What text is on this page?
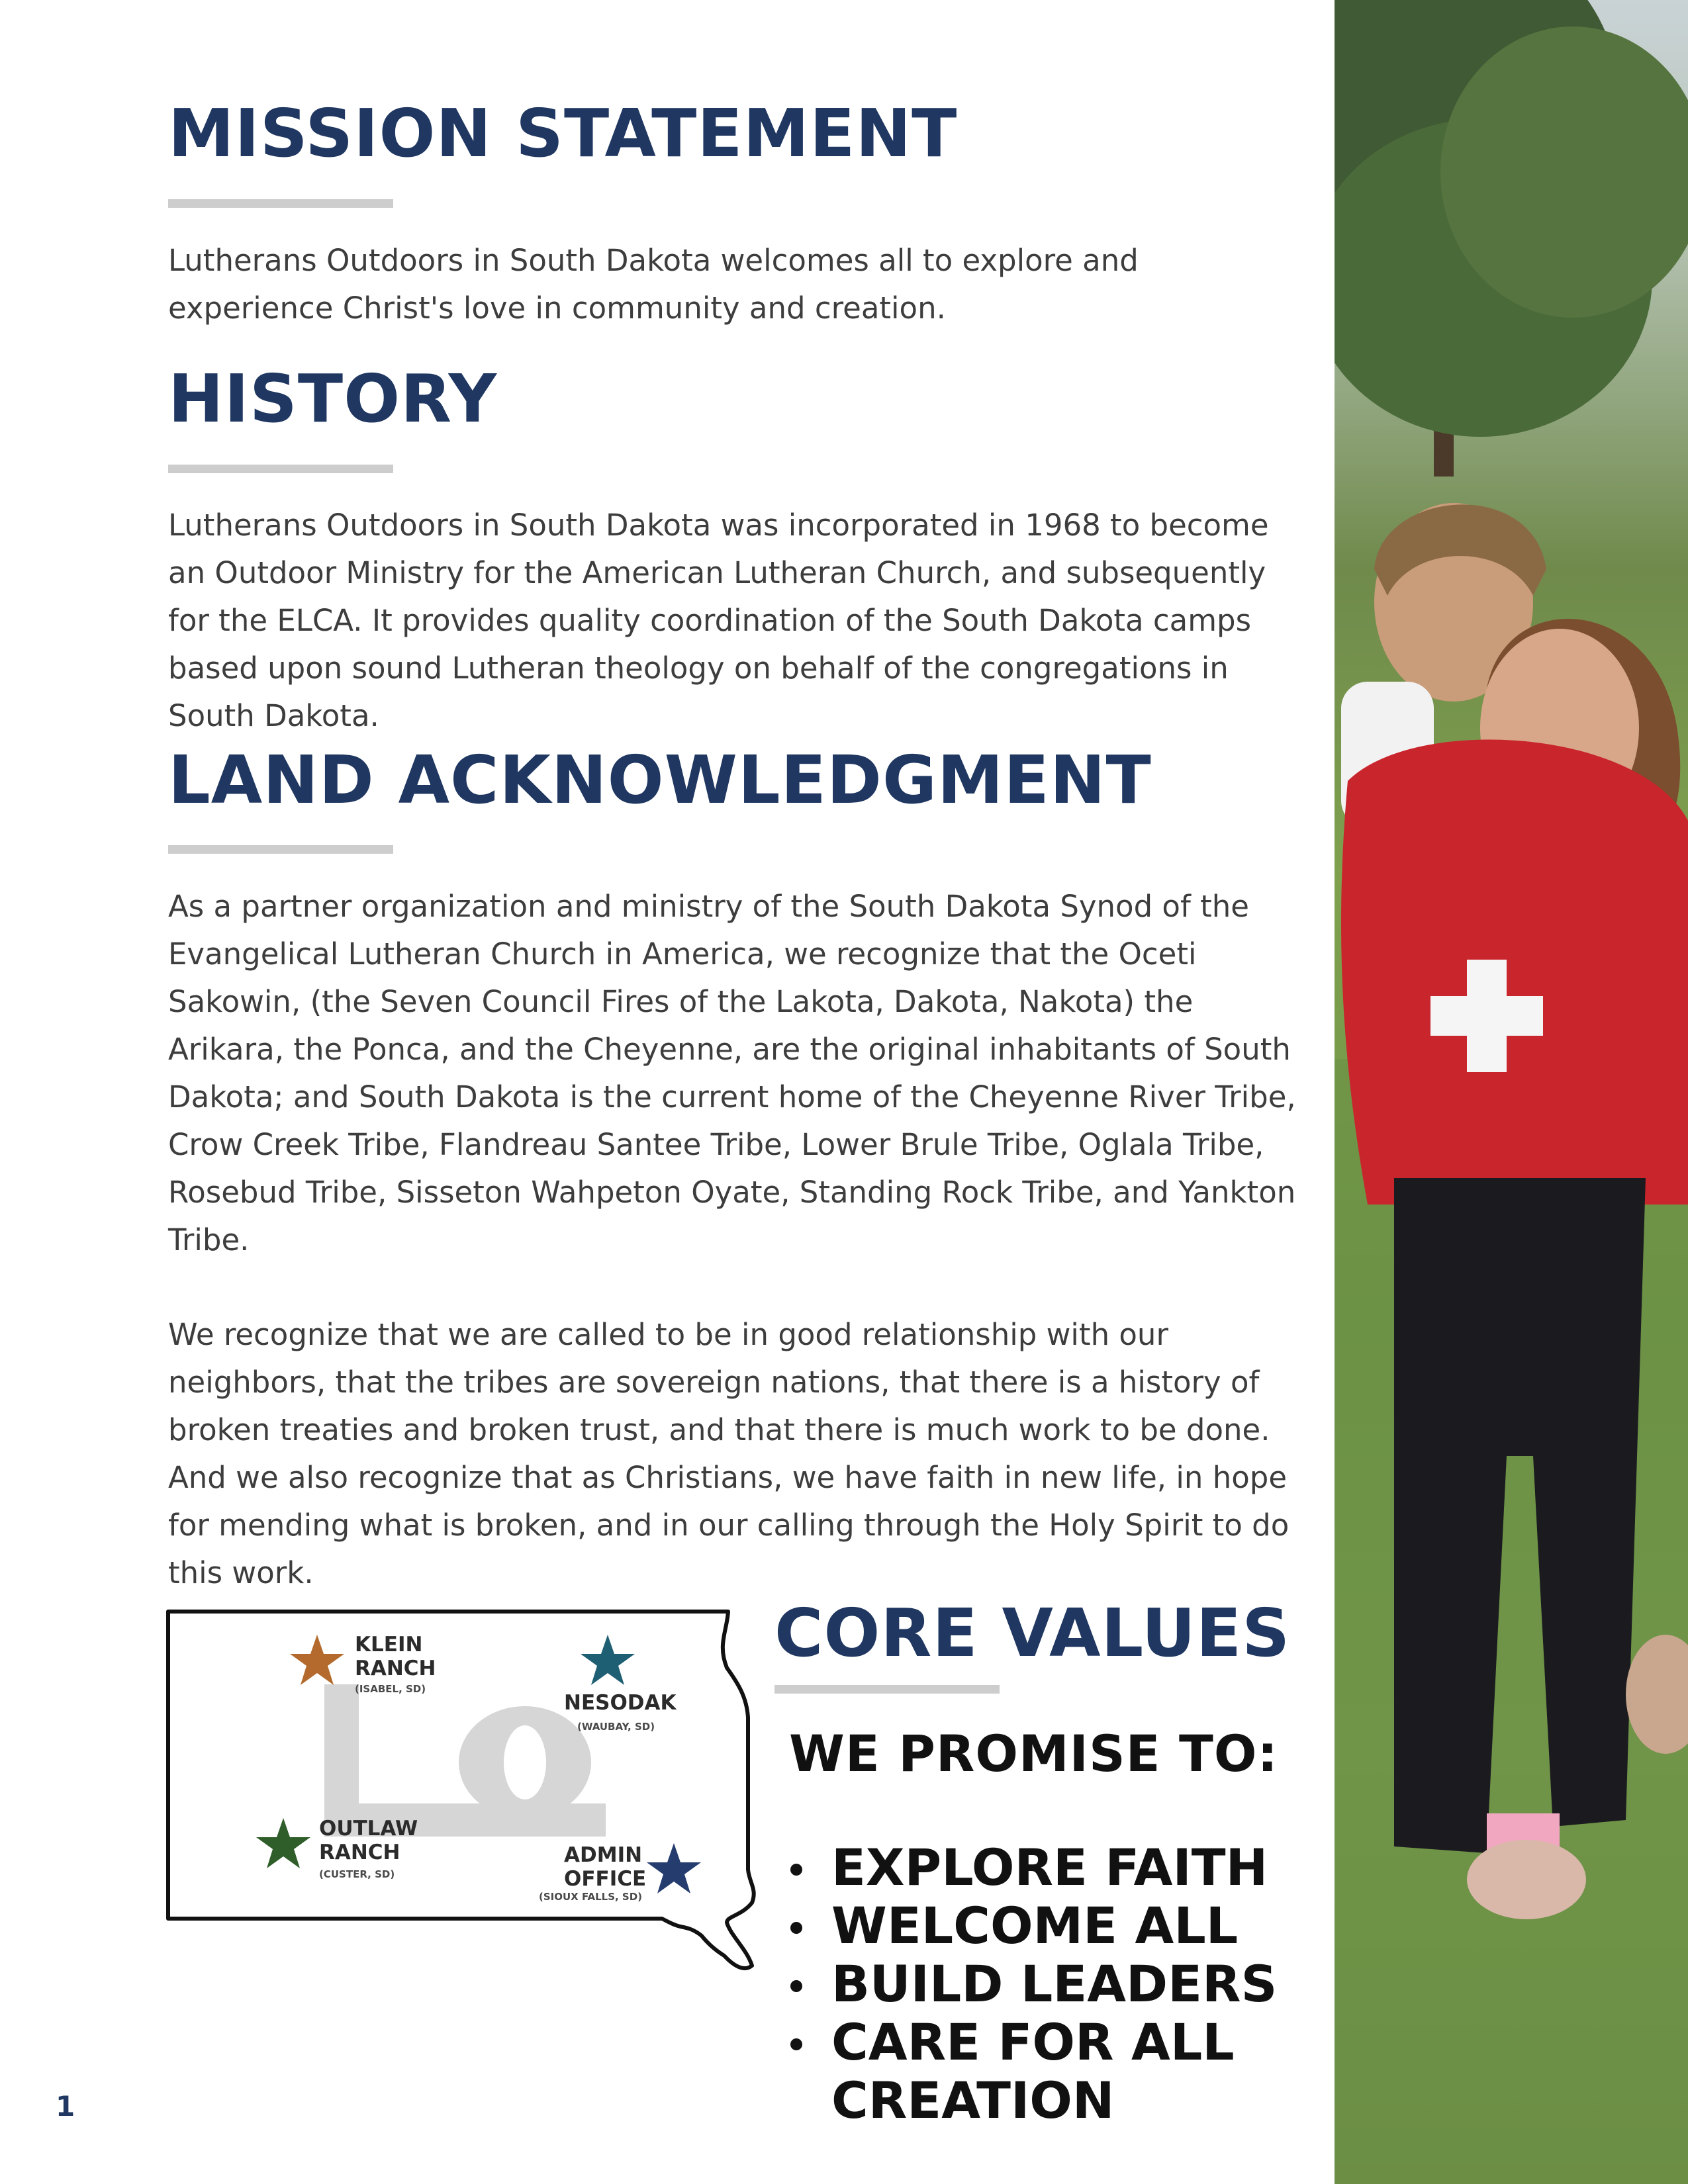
MISSION STATEMENT

Lutherans Outdoors in South Dakota welcomes all to explore and experience Christ's love in community and creation.

HISTORY

Lutherans Outdoors in South Dakota was incorporated in 1968 to become an Outdoor Ministry for the American Lutheran Church, and subsequently for the ELCA. It provides quality coordination of the South Dakota camps based upon sound Lutheran theology on behalf of the congregations in South Dakota.

LAND ACKNOWLEDGMENT

As a partner organization and ministry of the South Dakota Synod of the Evangelical Lutheran Church in America, we recognize that the Oceti Sakowin, (the Seven Council Fires of the Lakota, Dakota, Nakota) the Arikara, the Ponca, and the Cheyenne, are the original inhabitants of South Dakota; and South Dakota is the current home of the Cheyenne River Tribe, Crow Creek Tribe, Flandreau Santee Tribe, Lower Brule Tribe, Oglala Tribe, Rosebud Tribe, Sisseton Wahpeton Oyate, Standing Rock Tribe, and Yankton Tribe.

We recognize that we are called to be in good relationship with our neighbors, that the tribes are sovereign nations, that there is a history of broken treaties and broken trust, and that there is much work to be done. And we also recognize that as Christians, we have faith in new life, in hope for mending what is broken, and in our calling through the Holy Spirit to do this work.

KLEIN
RANCH
(ISABEL, SD)
NESODAK
(WAUBAY, SD)
OUTLAW
RANCH
(CUSTER, SD)
ADMIN
OFFICE
(SIOUX FALLS, SD)
CORE VALUES

WE PROMISE TO:

EXPLORE FAITH
WELCOME ALL
BUILD LEADERS
CARE FOR ALL CREATION
1
